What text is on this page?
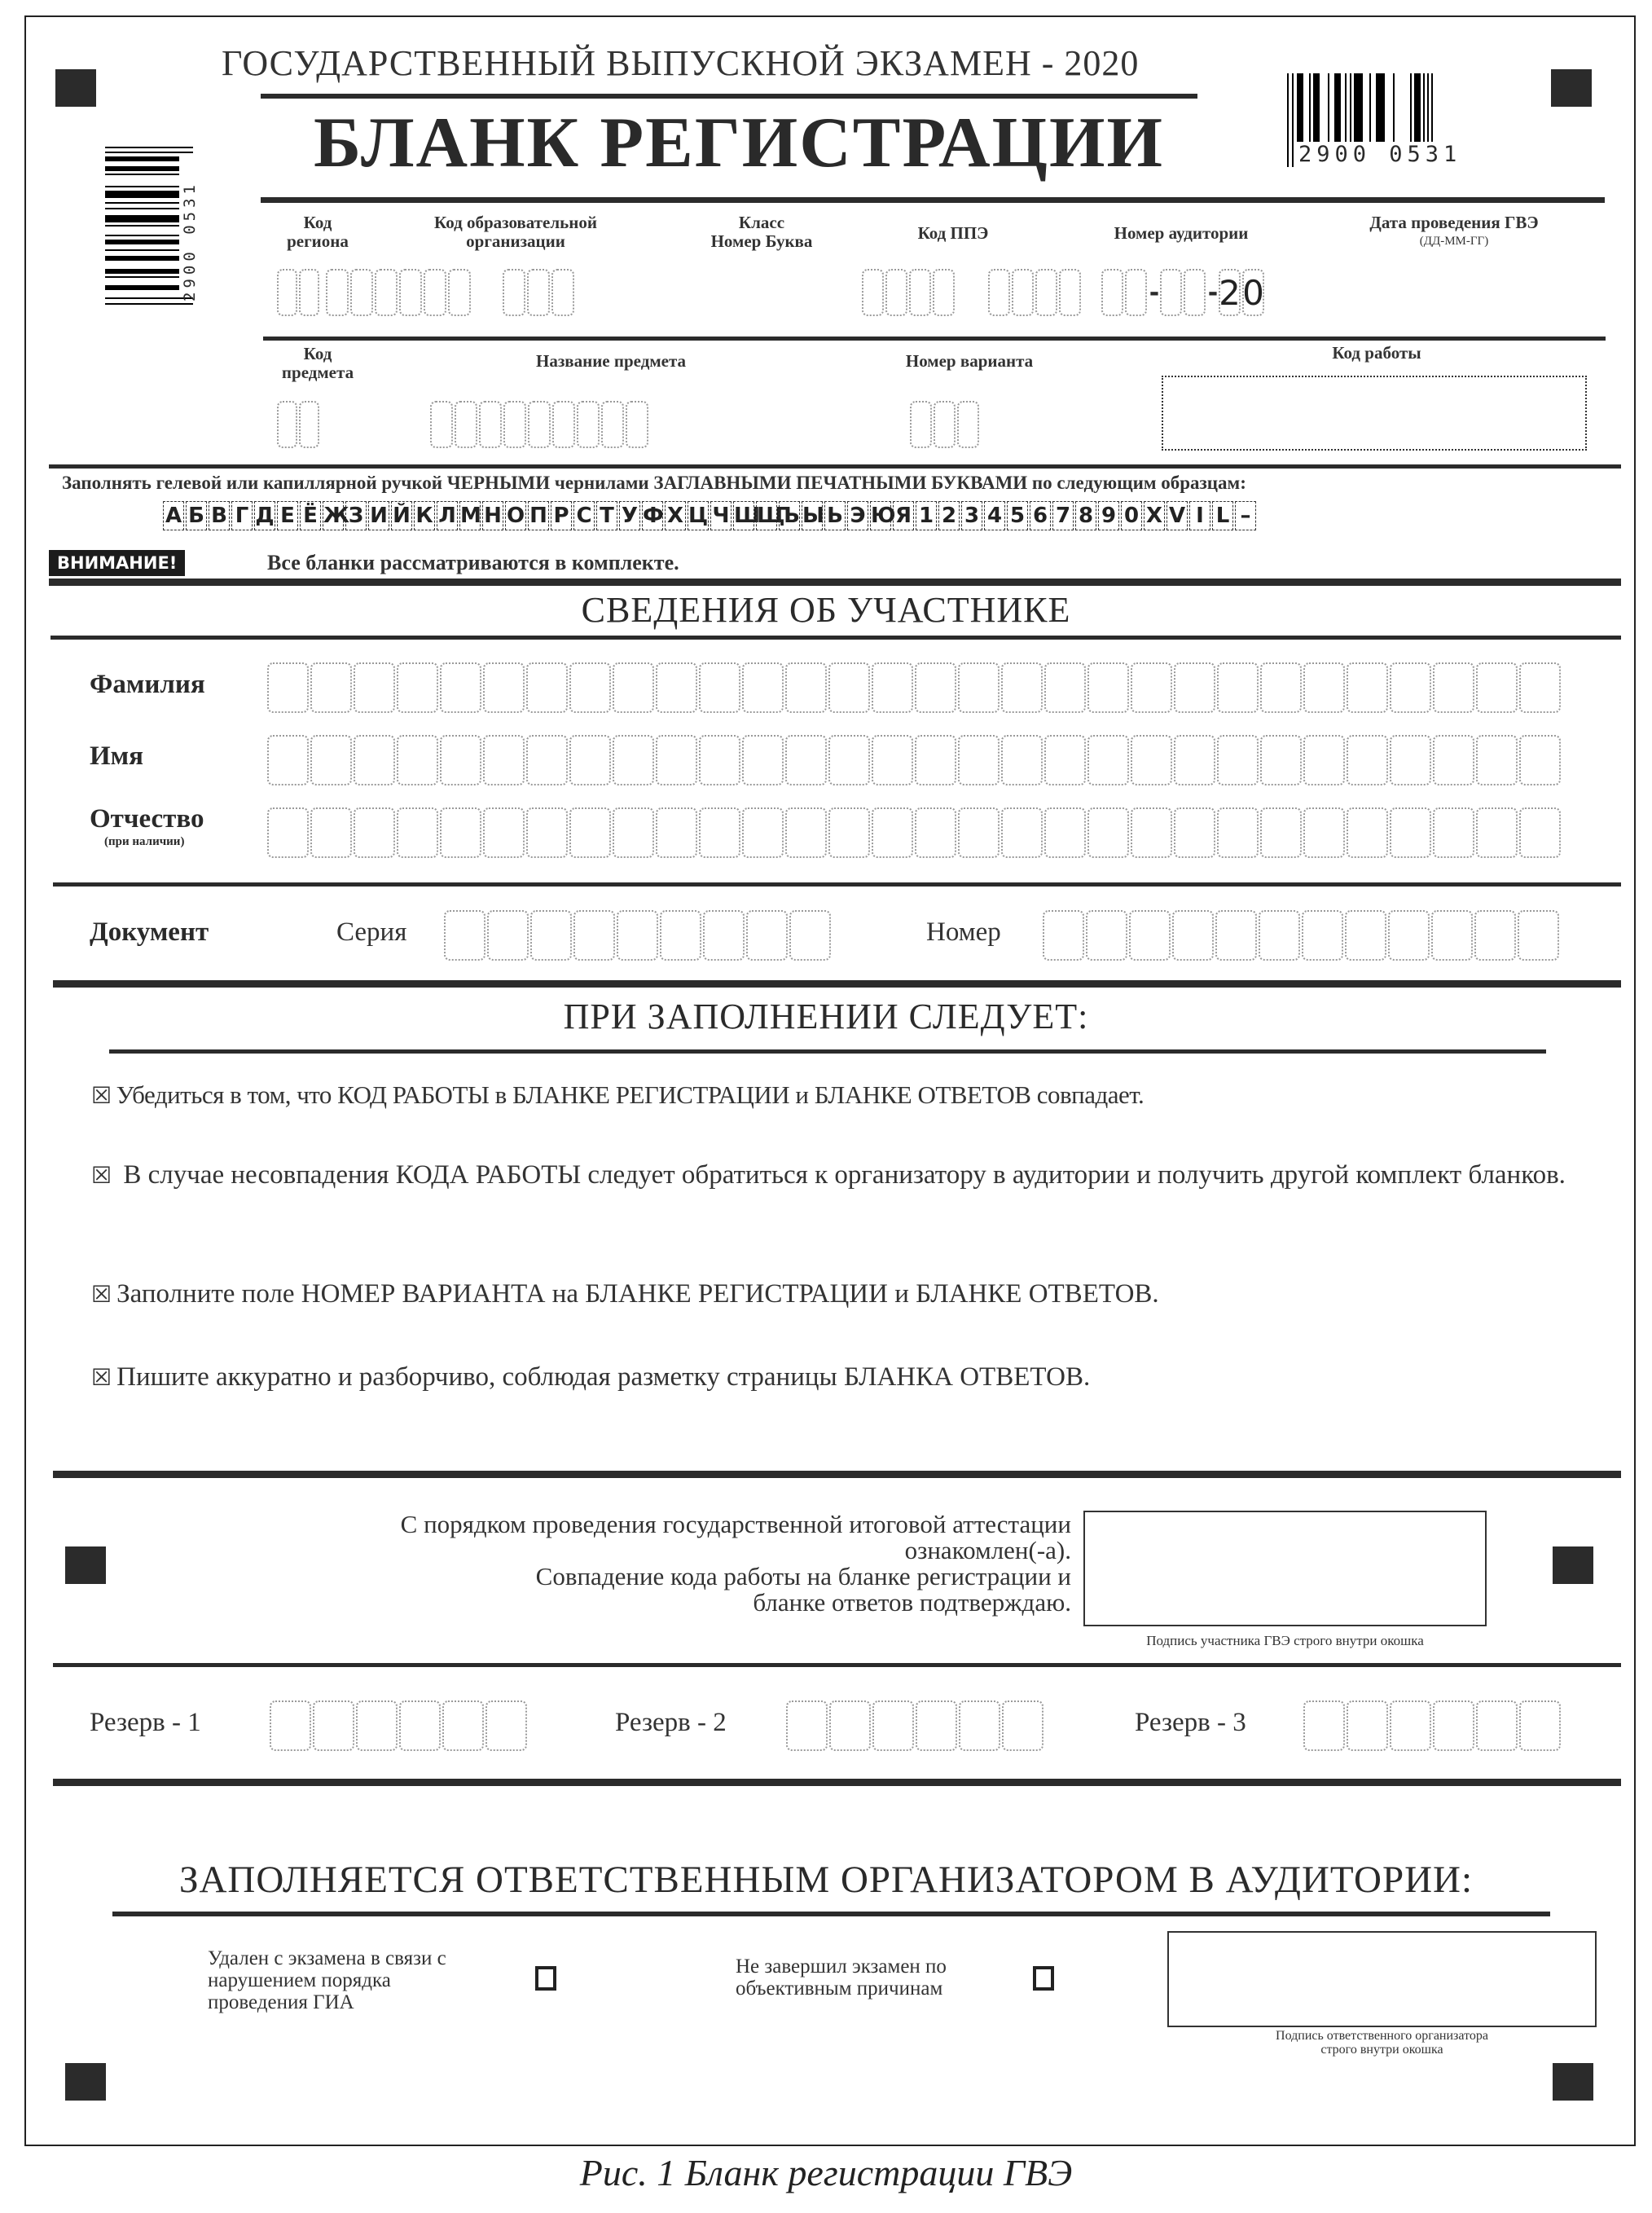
2900 0531
2900 0531
ГОСУДАРСТВЕННЫЙ ВЫПУСКНОЙ ЭКЗАМЕН - 2020
БЛАНК РЕГИСТРАЦИИ
Код
региона
Код образовательной
организации
Класс
Номер Буква	Код ППЭ	Номер аудитории
Дата проведения ГВЭ
(ДД-ММ-ГГ)
- - 2 0
Код
предмета
Название предмета	Номер варианта	Код работы
Заполнять гелевой или капиллярной ручкой ЧЕРНЫМИ чернилами ЗАГЛАВНЫМИ ПЕЧАТНЫМИ БУКВАМИ по следующим образцам:
А Б В Г Д Е Ё Ж
З И Й К Л М Н О П Р С Т У Ф Х Ц Ч Ш
Щ
Ъ Ы Ь Э Ю Я 1 2 3 4 5 6 7 8 9 0 X V I L –
ВНИМАНИЕ!	Все бланки рассматриваются в комплекте.
СВЕДЕНИЯ ОБ УЧАСТНИКЕ
Фамилия
Имя
Отчество
(при наличии)
Документ	Серия	Номер
ПРИ ЗАПОЛНЕНИИ СЛЕДУЕТ:
☒ Убедиться в том, что КОД РАБОТЫ в БЛАНКЕ РЕГИСТРАЦИИ и БЛАНКЕ ОТВЕТОВ совпадает.
☒ В случае несовпадения КОДА РАБОТЫ следует обратиться к организатору в аудитории и получить другой комплект бланков.
☒ Заполните поле НОМЕР ВАРИАНТА на БЛАНКЕ РЕГИСТРАЦИИ и БЛАНКЕ ОТВЕТОВ.
☒ Пишите аккуратно и разборчиво, соблюдая разметку страницы БЛАНКА ОТВЕТОВ.
С порядком проведения государственной итоговой аттестации
ознакомлен(-а).
Совпадение кода работы на бланке регистрации и
бланке ответов подтверждаю.
Подпись участника ГВЭ строго внутри окошка
Резерв - 1	Резерв - 2	Резерв - 3
ЗАПОЛНЯЕТСЯ ОТВЕТСТВЕННЫМ ОРГАНИЗАТОРОМ В АУДИТОРИИ:
Удален с экзамена в связи с
нарушением порядка
проведения ГИА
Не завершил экзамен по
объективным причинам
Подпись ответственного организатора
строго внутри окошка
Рис. 1 Бланк регистрации ГВЭ
